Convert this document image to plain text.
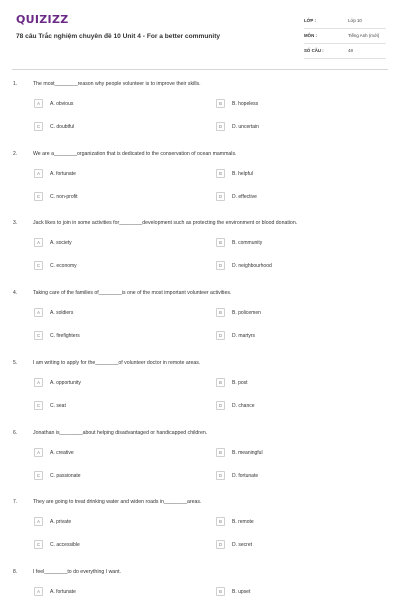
QUIZIZZ
78 câu Trắc nghiệm chuyên đề 10 Unit 4 - For a better community
LỚP :	Lớp 10
MÔN :	Tiếng Anh (mới)
SỐ CÂU :	48
1.	The most________reason why people volunteer is to improve their skills.
A	A. obvious	B	B. hopeless
C	C. doubtful	D	D. uncertain
2.	We are a________organization that is dedicated to the conservation of ocean mammals.
A	A. fortunate	B	B. helpful
C	C. non-profit	D	D. effective
3.	Jack likes to join in some activities for________development such as protecting the environment or blood donation.
A	A. society	B	B. community
C	C. economy	D	D. neighbourhood
4.	Taking care of the families of________is one of the most important volunteer activities.
A	A. soldiers	B	B. policemen
C	C. firefighters	D	D. martyrs
5.	I am writing to apply for the________of volunteer doctor in remote areas.
A	A. opportunity	B	B. post
C	C. seat	D	D. chance
6.	Jonathan is________about helping disadvantaged or handicapped children.
A	A. creative	B	B. meaningful
C	C. passionate	D	D. fortunate
7.	They are going to treat drinking water and widen roads in________areas.
A	A. private	B	B. remote
C	C. accessible	D	D. secret
8.	I feel________to do everything I want.
A	A. fortunate	B	B. upset
